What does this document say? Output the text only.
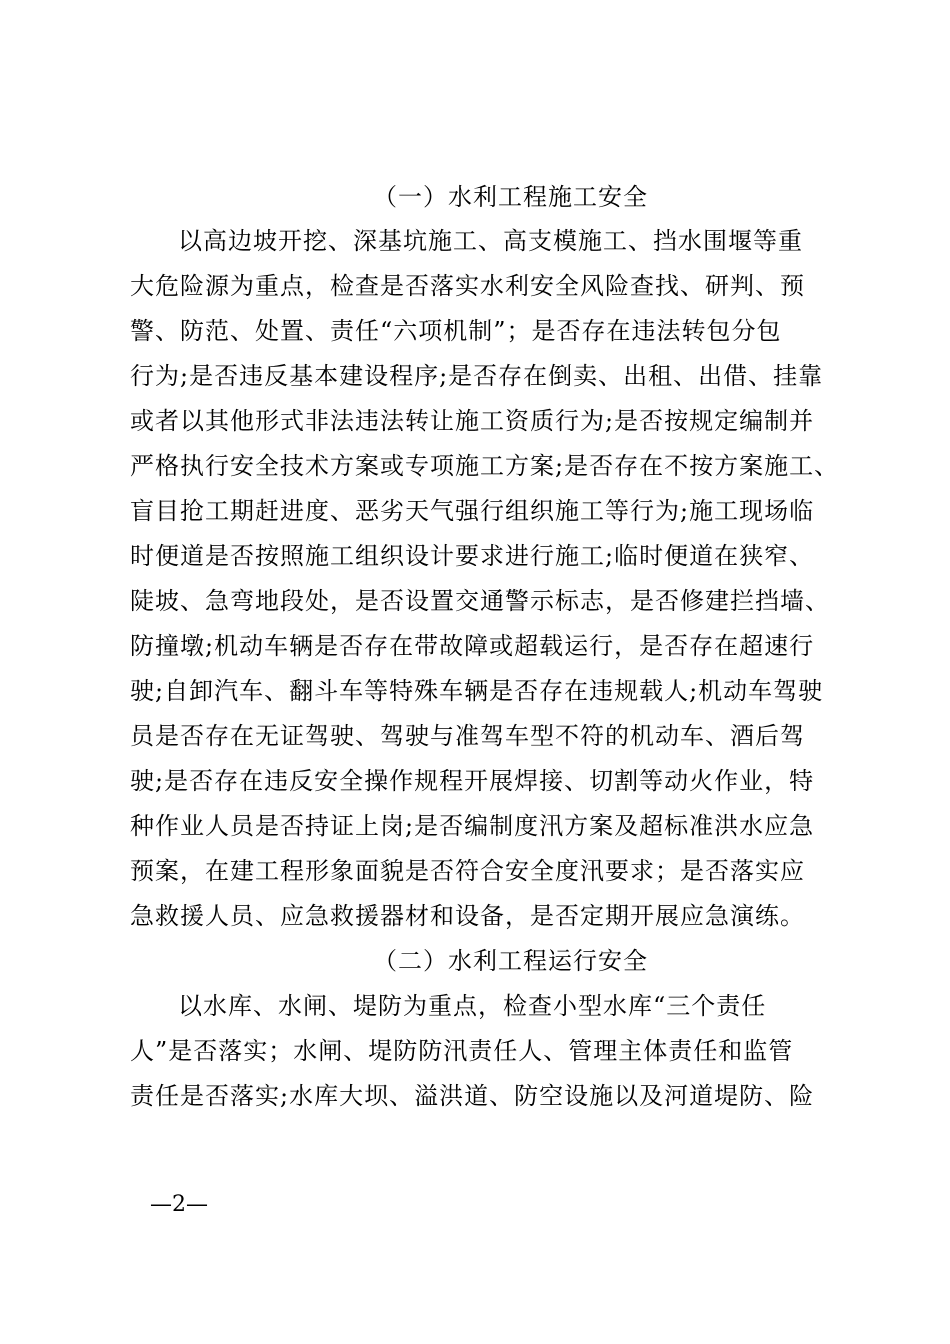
（一）水利工程施工安全
以高边坡开挖、深基坑施工、高支模施工、挡水围堰等重
大危险源为重点，检查是否落实水利安全风险查找、研判、预
警、防范、处置、责任“六项机制”；是否存在违法转包分包
行为;是否违反基本建设程序;是否存在倒卖、出租、出借、挂靠
或者以其他形式非法违法转让施工资质行为;是否按规定编制并
严格执行安全技术方案或专项施工方案;是否存在不按方案施工、
盲目抢工期赶进度、恶劣天气强行组织施工等行为;施工现场临
时便道是否按照施工组织设计要求进行施工;临时便道在狭窄、
陡坡、急弯地段处，是否设置交通警示标志，是否修建拦挡墙、
防撞墩;机动车辆是否存在带故障或超载运行，是否存在超速行
驶;自卸汽车、翻斗车等特殊车辆是否存在违规载人;机动车驾驶
员是否存在无证驾驶、驾驶与准驾车型不符的机动车、酒后驾
驶;是否存在违反安全操作规程开展焊接、切割等动火作业，特
种作业人员是否持证上岗;是否编制度汛方案及超标准洪水应急
预案，在建工程形象面貌是否符合安全度汛要求；是否落实应
急救援人员、应急救援器材和设备，是否定期开展应急演练。
（二）水利工程运行安全
以水库、水闸、堤防为重点，检查小型水库“三个责任
人”是否落实；水闸、堤防防汛责任人、管理主体责任和监管
责任是否落实;水库大坝、溢洪道、防空设施以及河道堤防、险
—2—
